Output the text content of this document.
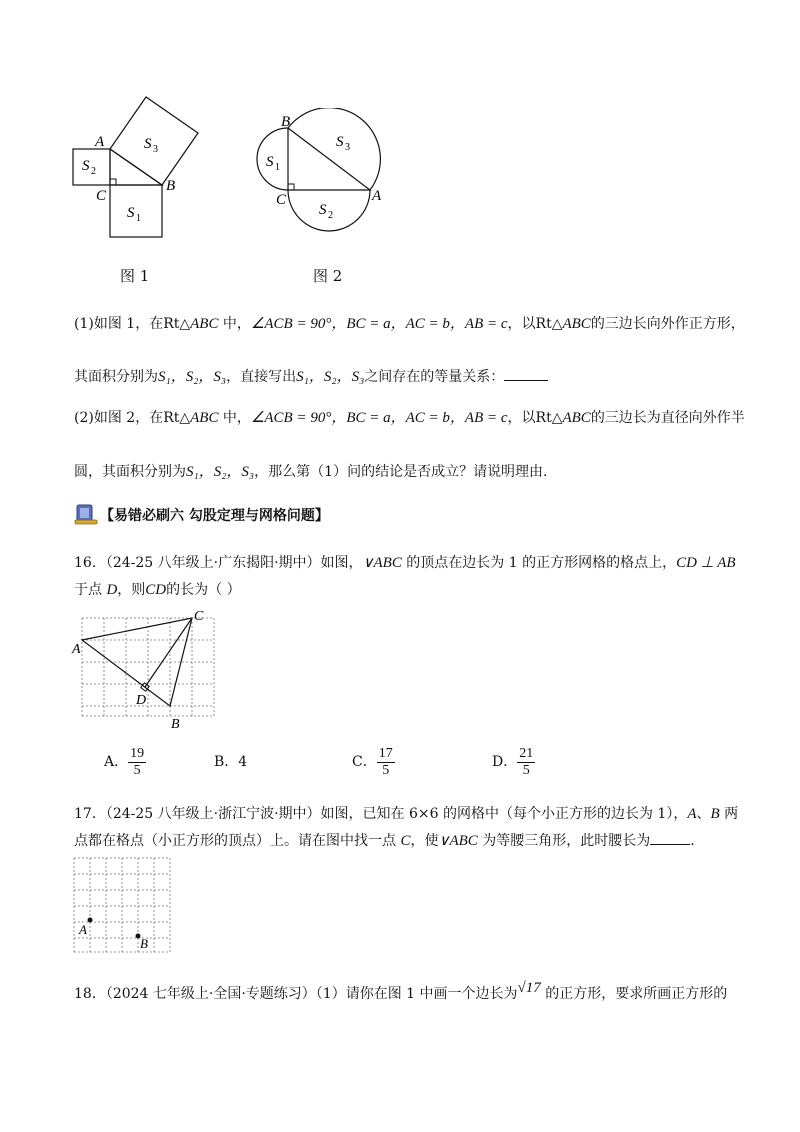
A
C
B
S 2
S 1
S 3
图 1
B
C	A
S 1
S 2
S 3
图 2
(1)如图 1，在Rt△ABC 中，∠ACB = 90°，BC = a，AC = b，AB = c，以Rt△ABC的三边长向外作正方形，
其面积分别为S₁，S₂，S₃，直接写出S₁，S₂，S₃之间存在的等量关系：
(2)如图 2，在Rt△ABC 中，∠ACB = 90°，BC = a，AC = b，AB = c，以Rt△ABC的三边长为直径向外作半
圆，其面积分别为S₁，S₂，S₃，那么第（1）问的结论是否成立？请说明理由.
【易错必刷六 勾股定理与网格问题】
16．（24-25 八年级上·广东揭阳·期中）如图，∨ABC 的顶点在边长为 1 的正方形网格的格点上，CD ⊥ AB
于点 D，则CD的长为（ ）
A
C
D
B
A． $\frac{19}{5}$	B． 4	C． $\frac{17}{5}$	D． $\frac{21}{5}$
17．（24-25 八年级上·浙江宁波·期中）如图，已知在 6×6 的网格中（每个小正方形的边长为 1），A、B 两
点都在格点（小正方形的顶点）上。请在图中找一点 C，使∨ABC 为等腰三角形，此时腰长为	.
A
B
18．（2024 七年级上·全国·专题练习）（1）请你在图 1 中画一个边长为√17 的正方形，要求所画正方形的
